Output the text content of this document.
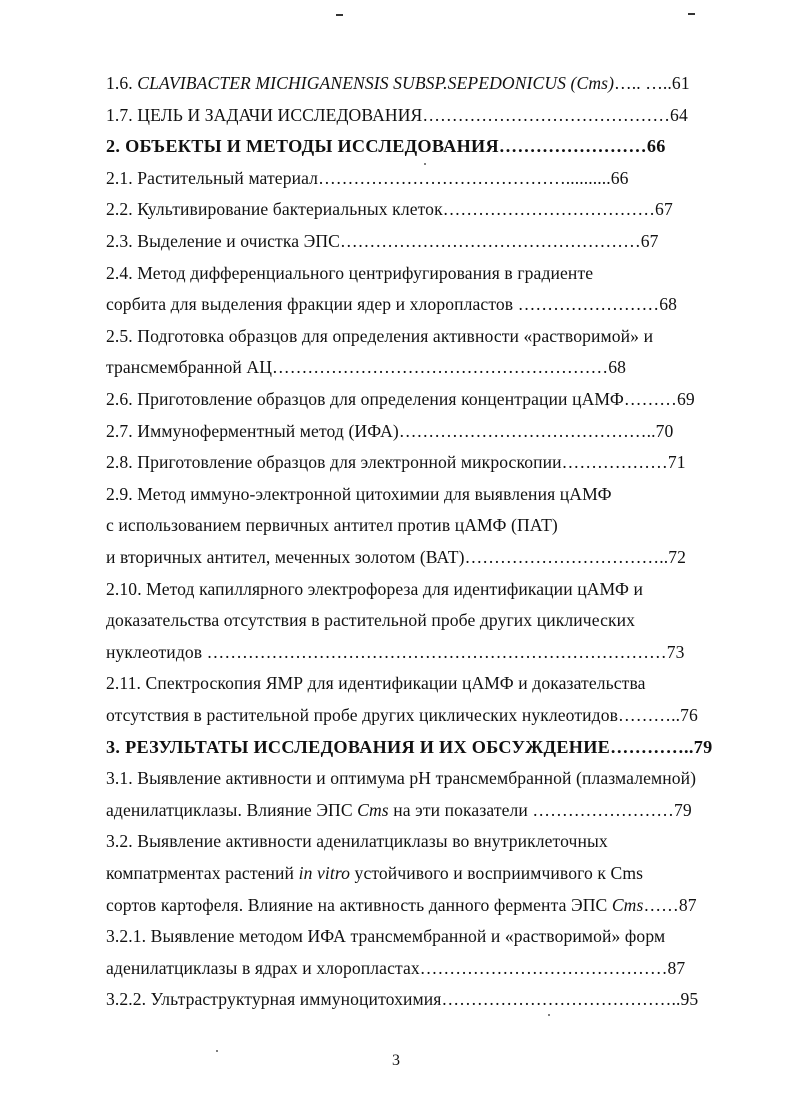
1.6. CLAVIBACTER MICHIGANENSIS SUBSP.SEPEDONICUS (Cms)….. …..61
1.7. ЦЕЛЬ И ЗАДАЧИ ИССЛЕДОВАНИЯ……………………………………64
2. ОБЪЕКТЫ И МЕТОДЫ ИССЛЕДОВАНИЯ……………………66
2.1. Растительный материал……………………………………..........66
2.2. Культивирование бактериальных клеток………………………………67
2.3. Выделение и очистка ЭПС……………………………………………67
2.4. Метод дифференциального центрифугирования в градиенте
сорбита для выделения фракции ядер и хлоропластов ……………………68
2.5. Подготовка образцов для определения активности «растворимой» и
трансмембранной АЦ…………………………………………………68
2.6. Приготовление образцов для определения концентрации цАМФ………69
2.7. Иммуноферментный метод (ИФА)……………………………………..70
2.8. Приготовление образцов для электронной микроскопии………………71
2.9. Метод иммуно-электронной цитохимии для выявления цАМФ
с использованием первичных антител против цАМФ (ПАТ)
и вторичных антител, меченных золотом (ВАТ)……………………………..72
2.10. Метод капиллярного электрофореза для идентификации цАМФ и
доказательства отсутствия в растительной пробе других циклических
нуклеотидов ……………………………………………………………………73
2.11. Спектроскопия ЯМР для идентификации цАМФ и доказательства
отсутствия в растительной пробе других циклических нуклеотидов………..76
3. РЕЗУЛЬТАТЫ ИССЛЕДОВАНИЯ И ИХ ОБСУЖДЕНИЕ…………..79
3.1. Выявление активности и оптимума pH трансмембранной (плазмалемной)
аденилатциклазы. Влияние ЭПС Cms на эти показатели ……………………79
3.2. Выявление активности аденилатциклазы во внутриклеточных
компатрментах растений in vitro устойчивого и восприимчивого к Cms
сортов картофеля. Влияние на активность данного фермента ЭПС Cms……87
3.2.1. Выявление методом ИФА трансмембранной и «растворимой» форм
аденилатциклазы в ядрах и хлоропластах……………………………………87
3.2.2. Ультраструктурная иммуноцитохимия…………………………………..95
3
